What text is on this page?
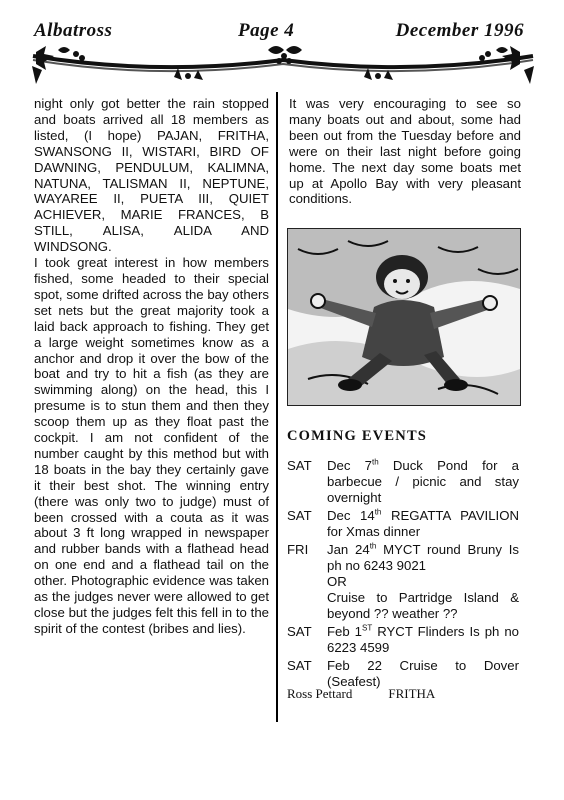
Albatross	Page 4	December 1996

night only got better the rain stopped and boats arrived all 18 members as listed, (I hope) PAJAN, FRITHA, SWANSONG II, WISTARI, BIRD OF DAWNING, PENDULUM, KALIMNA, NATUNA, TALISMAN II, NEPTUNE, WAYAREE II, PUETA III, QUIET ACHIEVER, MARIE FRANCES, B STILL, ALISA, ALIDA AND WINDSONG.

I took great interest in how members fished, some headed to their special spot, some drifted across the bay others set nets but the great majority took a laid back approach to fishing. They get a large weight sometimes know as a anchor and drop it over the bow of the boat and try to hit a fish (as they are swimming along) on the head, this I presume is to stun them and then they scoop them up as they float past the cockpit. I am not confident of the number caught by this method but with 18 boats in the bay they certainly gave it their best shot. The winning entry (there was only two to judge) must of been crossed with a couta as it was about 3 ft long wrapped in newspaper and rubber bands with a flathead head on one end and a flathead tail on the other. Photographic evidence was taken as the judges never were allowed to get close but the judges felt this fell in to the spirit of the contest (bribes and lies).

It was very encouraging to see so many boats out and about, some had been out from the Tuesday before and were on their last night before going home. The next day some boats met up at Apollo Bay with very pleasant conditions.

COMING EVENTS
SAT	Dec 7th Duck Pond for a barbecue / picnic and stay overnight
SAT	Dec 14th REGATTA PAVILION for Xmas dinner
FRI	Jan 24th MYCT round Bruny Is ph no 6243 9021
OR
Cruise to Partridge Island & beyond ?? weather ??
SAT	Feb 1ST RYCT Flinders Is ph no 6223 4599
SAT	Feb 22 Cruise to Dover (Seafest)
Ross Pettard	FRITHA
